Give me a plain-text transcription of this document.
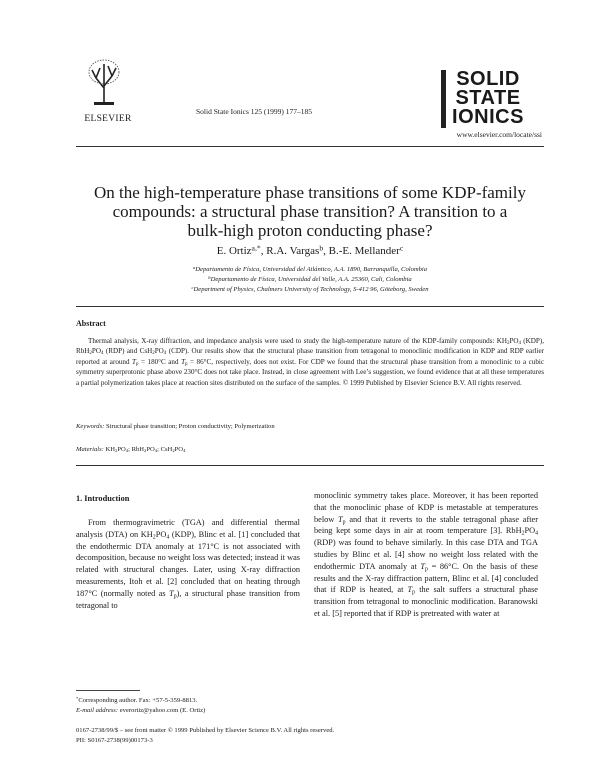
ELSEVIER
Solid State Ionics 125 (1999) 177–185
SOLID
STATE
IONICS
www.elsevier.com/locate/ssi
On the high-temperature phase transitions of some KDP-family
compounds: a structural phase transition? A transition to a
bulk-high proton conducting phase?
E. Ortiz$^{a,*}$, R.A. Vargas$^b$, B.-E. Mellander$^c$
$^a$Departamento de Física, Universidad del Atlántico, A.A. 1890, Barranquilla, Colombia
$^b$Departamento de Física, Universidad del Valle, A.A. 25360, Cali, Colombia
$^c$Department of Physics, Chalmers University of Technology, S-412 96, Göteborg, Sweden
Abstract
Thermal analysis, X-ray diffraction, and impedance analysis were used to study the high-temperature nature of the KDP-family compounds: $KH_2PO_4$ (KDP), $RbH_2PO_4$ (RDP) and $CsH_2PO_4$ (CDP). Our results show that the structural phase transition from tetragonal to monoclinic modification in KDP and RDP earlier reported at around $T_p = 180^\circ C$ and $T_p = 86^\circ C$, respectively, does not exist. For CDP we found that the structural phase transition from a monoclinic to a cubic symmetry superprotonic phase above 230°C does not take place. Instead, in close agreement with Lee’s suggestion, we found evidence that at all these temperatures a partial polymerization takes place at reaction sites distributed on the surface of the samples. © 1999 Published by Elsevier Science B.V. All rights reserved.
Keywords: Structural phase transition; Proton conductivity; Polymerization
Materials: $KH_2PO_4$; $RbH_2PO_4$; $CsH_2PO_4$
1. Introduction

From thermogravimetric (TGA) and differential thermal analysis (DTA) on $KH_2PO_4$ (KDP), Blinc et al. [1] concluded that the endothermic DTA anomaly at 171°C is not associated with decomposition, because no weight loss was detected; instead it was related with structural changes. Later, using X-ray diffraction measurements, Itoh et al. [2] concluded that on heating through 187°C (normally noted as $T_p$), a structural phase transition from tetragonal to

monoclinic symmetry takes place. Moreover, it has been reported that the monoclinic phase of KDP is metastable at temperatures below $T_p$ and that it reverts to the stable tetragonal phase after being kept some days in air at room temperature [3]. $RbH_2PO_4$ (RDP) was found to behave similarly. In this case DTA and TGA studies by Blinc et al. [4] show no weight loss related with the endothermic DTA anomaly at $T_p = 86^\circ C$. On the basis of these results and the X-ray diffraction pattern, Blinc et al. [4] concluded that if RDP is heated, at $T_p$ the salt suffers a structural phase transition from tetragonal to monoclinic modification. Baranowski et al. [5] reported that if RDP is pretreated with water at

*Corresponding author. Fax: +57-5-359-8813.
E-mail address: everortiz@yahoo.com (E. Ortiz)
0167-2738/99/$ – see front matter © 1999 Published by Elsevier Science B.V. All rights reserved.
PII: S0167-2738(99)00173-3
